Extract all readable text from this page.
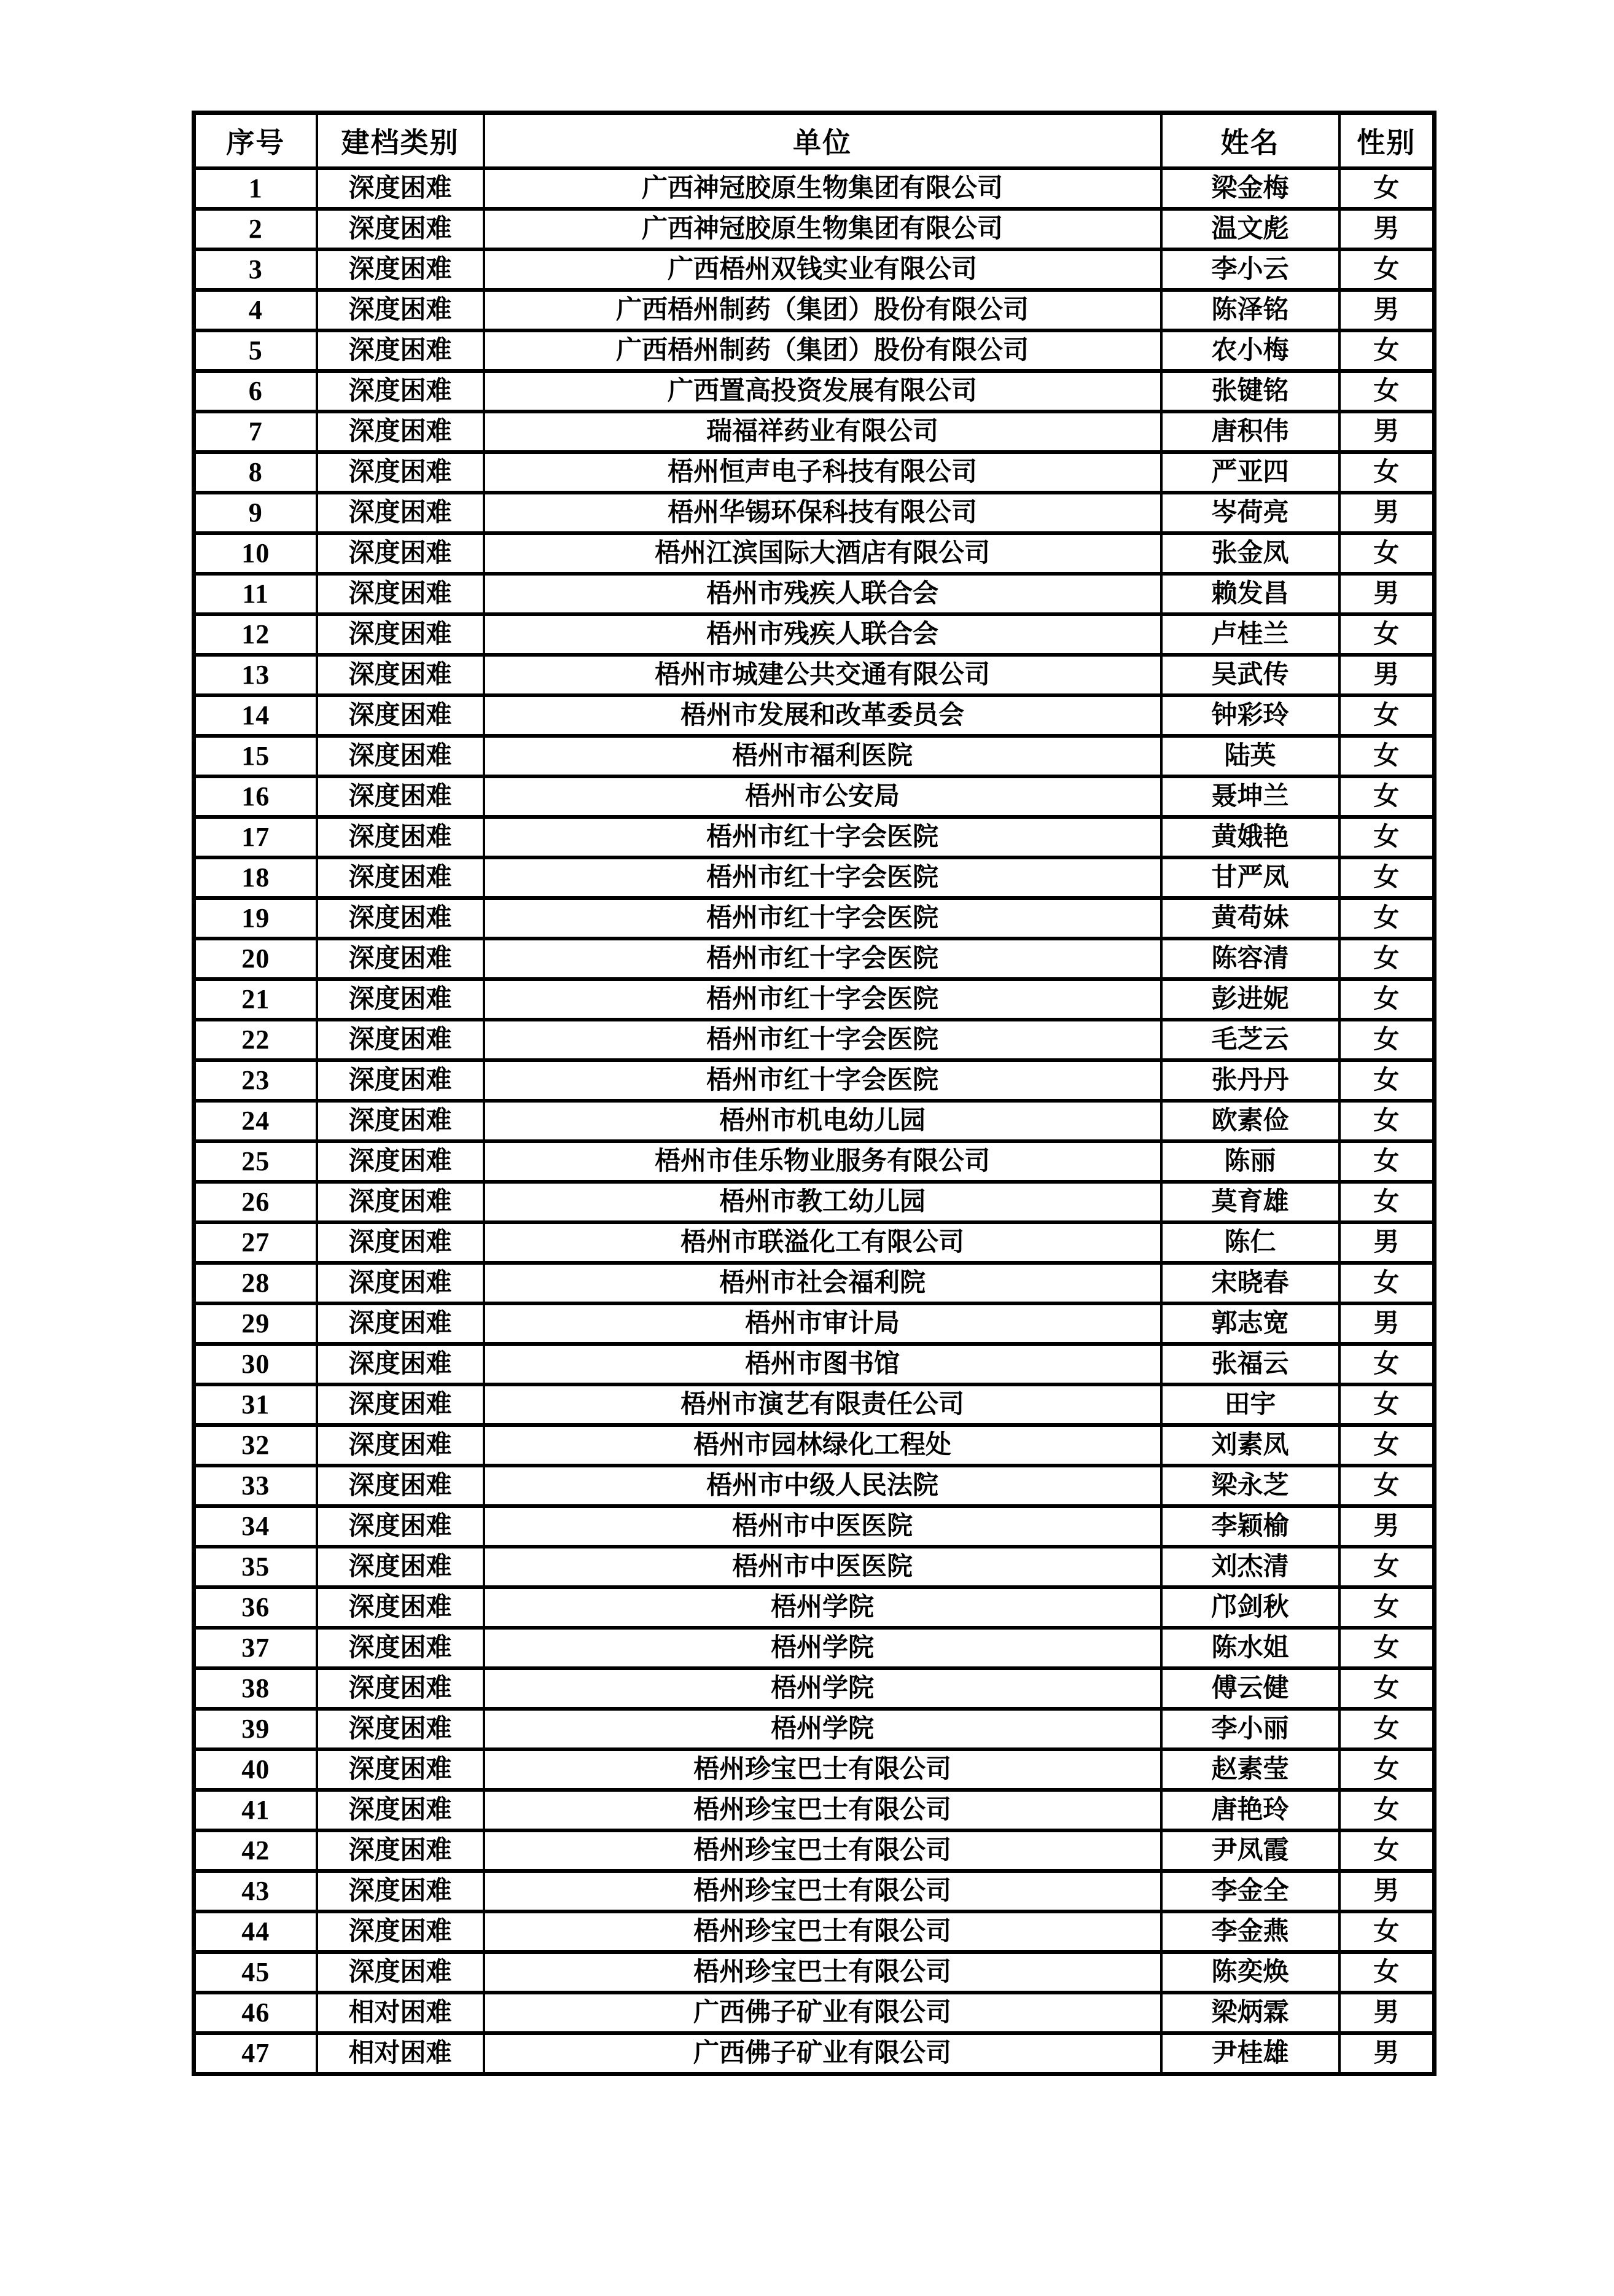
序号	建档类别	单位	姓名	性别
1	深度困难	广西神冠胶原生物集团有限公司	梁金梅	女
2	深度困难	广西神冠胶原生物集团有限公司	温文彪	男
3	深度困难	广西梧州双钱实业有限公司	李小云	女
4	深度困难	广西梧州制药（集团）股份有限公司	陈泽铭	男
5	深度困难	广西梧州制药（集团）股份有限公司	农小梅	女
6	深度困难	广西置高投资发展有限公司	张键铭	女
7	深度困难	瑞福祥药业有限公司	唐积伟	男
8	深度困难	梧州恒声电子科技有限公司	严亚四	女
9	深度困难	梧州华锡环保科技有限公司	岑荷亮	男
10	深度困难	梧州江滨国际大酒店有限公司	张金凤	女
11	深度困难	梧州市残疾人联合会	赖发昌	男
12	深度困难	梧州市残疾人联合会	卢桂兰	女
13	深度困难	梧州市城建公共交通有限公司	吴武传	男
14	深度困难	梧州市发展和改革委员会	钟彩玲	女
15	深度困难	梧州市福利医院	陆英	女
16	深度困难	梧州市公安局	聂坤兰	女
17	深度困难	梧州市红十字会医院	黄娥艳	女
18	深度困难	梧州市红十字会医院	甘严凤	女
19	深度困难	梧州市红十字会医院	黄苟妹	女
20	深度困难	梧州市红十字会医院	陈容清	女
21	深度困难	梧州市红十字会医院	彭进妮	女
22	深度困难	梧州市红十字会医院	毛芝云	女
23	深度困难	梧州市红十字会医院	张丹丹	女
24	深度困难	梧州市机电幼儿园	欧素俭	女
25	深度困难	梧州市佳乐物业服务有限公司	陈丽	女
26	深度困难	梧州市教工幼儿园	莫育雄	女
27	深度困难	梧州市联溢化工有限公司	陈仁	男
28	深度困难	梧州市社会福利院	宋晓春	女
29	深度困难	梧州市审计局	郭志宽	男
30	深度困难	梧州市图书馆	张福云	女
31	深度困难	梧州市演艺有限责任公司	田宇	女
32	深度困难	梧州市园林绿化工程处	刘素凤	女
33	深度困难	梧州市中级人民法院	梁永芝	女
34	深度困难	梧州市中医医院	李颖榆	男
35	深度困难	梧州市中医医院	刘杰清	女
36	深度困难	梧州学院	邝剑秋	女
37	深度困难	梧州学院	陈水姐	女
38	深度困难	梧州学院	傅云健	女
39	深度困难	梧州学院	李小丽	女
40	深度困难	梧州珍宝巴士有限公司	赵素莹	女
41	深度困难	梧州珍宝巴士有限公司	唐艳玲	女
42	深度困难	梧州珍宝巴士有限公司	尹凤霞	女
43	深度困难	梧州珍宝巴士有限公司	李金全	男
44	深度困难	梧州珍宝巴士有限公司	李金燕	女
45	深度困难	梧州珍宝巴士有限公司	陈奕焕	女
46	相对困难	广西佛子矿业有限公司	梁炳霖	男
47	相对困难	广西佛子矿业有限公司	尹桂雄	男
